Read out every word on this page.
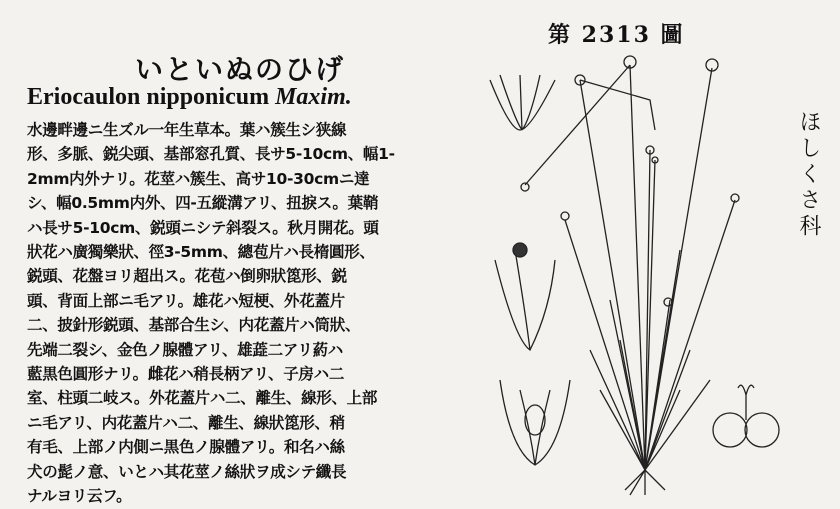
いといぬのひげ
Eriocaulon nipponicum Maxim.
水邊畔邊ニ生ズル一年生草本。葉ハ簇生シ狭線
形、多脈、鋭尖頭、基部窓孔質、長サ5-10cm、幅1-
2mm内外ナリ。花莖ハ簇生、高サ10-30cmニ達
シ、幅0.5mm内外、四-五縱溝アリ、扭捩ス。葉鞘
ハ長サ5-10cm、鋭頭ニシテ斜裂ス。秋月開花。頭
狀花ハ廣獨樂狀、徑3-5mm、總苞片ハ長楕圓形、
鋭頭、花盤ヨリ超出ス。花苞ハ倒卵狀箆形、鋭
頭、背面上部ニ毛アリ。雄花ハ短梗、外花蓋片
二、披針形鋭頭、基部合生シ、内花蓋片ハ筒狀、
先端二裂シ、金色ノ腺體アリ、雄蕋二アリ葯ハ
藍黒色圓形ナリ。雌花ハ稍長柄アリ、子房ハ二
室、柱頭二岐ス。外花蓋片ハ二、離生、線形、上部
ニ毛アリ、内花蓋片ハ二、離生、線狀箆形、稍
有毛、上部ノ内側ニ黒色ノ腺體アリ。和名ハ絲
犬の髭ノ意、いとハ其花莖ノ絲狀ヲ成シテ纖長
ナルヨリ云フ。
第 2313 圖
ほしくさ科
